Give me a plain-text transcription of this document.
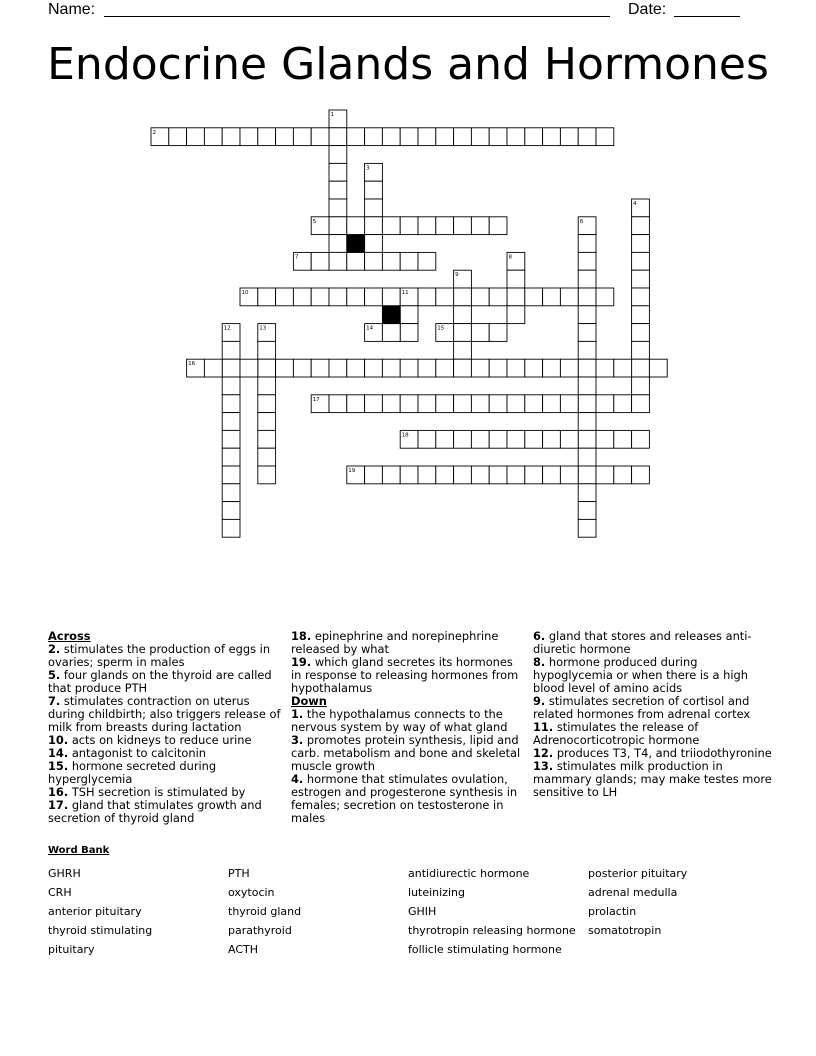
Name:	Date:
Endocrine Glands and Hormones
1
2
3
4
5	6
7	8
9
10	11
12	13	14	15
16
17
18
19

Across

2. stimulates the production of eggs in ovaries; sperm in males

5. four glands on the thyroid are called that produce PTH

7. stimulates contraction on uterus during childbirth; also triggers release of milk from breasts during lactation

10. acts on kidneys to reduce urine

14. antagonist to calcitonin

15. hormone secreted during hyperglycemia

16. TSH secretion is stimulated by

17. gland that stimulates growth and secretion of thyroid gland

18. epinephrine and norepinephrine released by what

19. which gland secretes its hormones in response to releasing hormones from hypothalamus

Down

1. the hypothalamus connects to the nervous system by way of what gland

3. promotes protein synthesis, lipid and carb. metabolism and bone and skeletal muscle growth

4. hormone that stimulates ovulation, estrogen and progesterone synthesis in females; secretion on testosterone in males

6. gland that stores and releases anti-diuretic hormone

8. hormone produced during hypoglycemia or when there is a high blood level of amino acids

9. stimulates secretion of cortisol and related hormones from adrenal cortex

11. stimulates the release of Adrenocorticotropic hormone

12. produces T3, T4, and triiodothyronine

13. stimulates milk production in mammary glands; may make testes more sensitive to LH

Word Bank
GHRH
CRH
anterior pituitary
thyroid stimulating
pituitary
PTH
oxytocin
thyroid gland
parathyroid
ACTH
antidiurectic hormone
luteinizing
GHIH
thyrotropin releasing hormone
follicle stimulating hormone
posterior pituitary
adrenal medulla
prolactin
somatotropin
